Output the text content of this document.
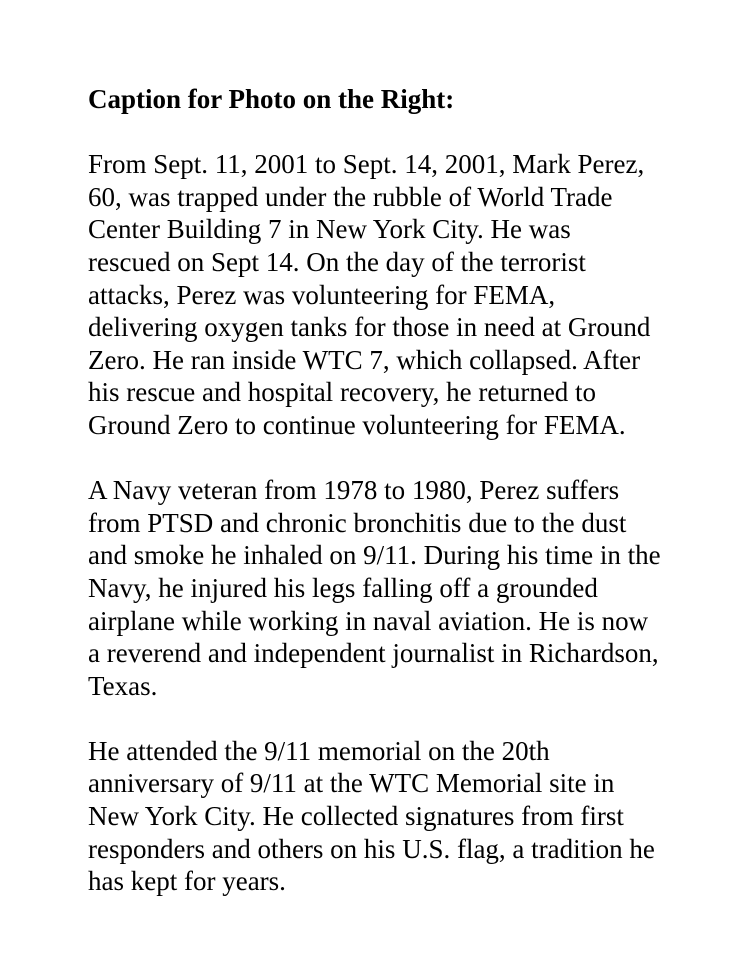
Caption for Photo on the Right:
From Sept. 11, 2001 to Sept. 14, 2001, Mark Perez,
60, was trapped under the rubble of World Trade
Center Building 7 in New York City. He was
rescued on Sept 14. On the day of the terrorist
attacks, Perez was volunteering for FEMA,
delivering oxygen tanks for those in need at Ground
Zero. He ran inside WTC 7, which collapsed. After
his rescue and hospital recovery, he returned to
Ground Zero to continue volunteering for FEMA.
A Navy veteran from 1978 to 1980, Perez suffers
from PTSD and chronic bronchitis due to the dust
and smoke he inhaled on 9/11. During his time in the
Navy, he injured his legs falling off a grounded
airplane while working in naval aviation. He is now
a reverend and independent journalist in Richardson,
Texas.
He attended the 9/11 memorial on the 20th
anniversary of 9/11 at the WTC Memorial site in
New York City. He collected signatures from first
responders and others on his U.S. flag, a tradition he
has kept for years.
